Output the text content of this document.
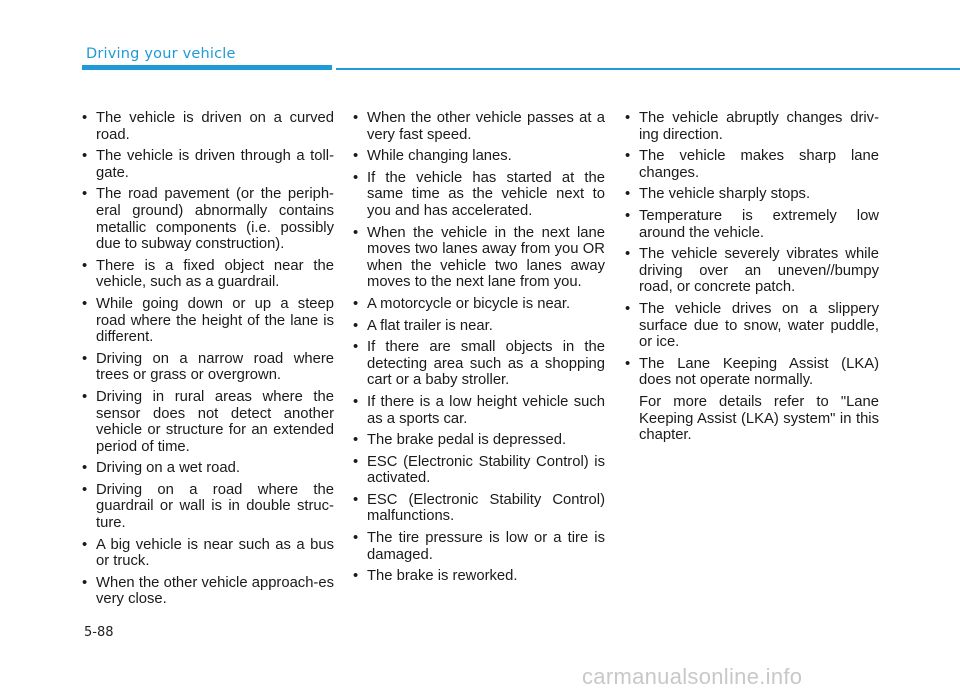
Driving your vehicle
• The vehicle is driven on a curved road.
• The vehicle is driven through a toll-gate.
• The road pavement (or the periph-eral ground) abnormally contains metallic components (i.e. possibly due to subway construction).
• There is a fixed object near the vehicle, such as a guardrail.
• While going down or up a steep road where the height of the lane is different.
• Driving on a narrow road where trees or grass or overgrown.
• Driving in rural areas where the sensor does not detect another vehicle or structure for an extended period of time.
• Driving on a wet road.
• Driving on a road where the guardrail or wall is in double struc-ture.
• A big vehicle is near such as a bus or truck.
• When the other vehicle approach-es very close.
• When the other vehicle passes at a very fast speed.
• While changing lanes.
• If the vehicle has started at the same time as the vehicle next to you and has accelerated.
• When the vehicle in the next lane moves two lanes away from you OR when the vehicle two lanes away moves to the next lane from you.
• A motorcycle or bicycle is near.
• A flat trailer is near.
• If there are small objects in the detecting area such as a shopping cart or a baby stroller.
• If there is a low height vehicle such as a sports car.
• The brake pedal is depressed.
• ESC (Electronic Stability Control) is activated.
• ESC (Electronic Stability Control) malfunctions.
• The tire pressure is low or a tire is damaged.
• The brake is reworked.
• The vehicle abruptly changes driv-ing direction.
• The vehicle makes sharp lane changes.
• The vehicle sharply stops.
• Temperature is extremely low around the vehicle.
• The vehicle severely vibrates while driving over an uneven//bumpy road, or concrete patch.
• The vehicle drives on a slippery surface due to snow, water puddle, or ice.
• The Lane Keeping Assist (LKA) does not operate normally.
For more details refer to "Lane Keeping Assist (LKA) system" in this chapter.
5-88
carmanualsonline.info
